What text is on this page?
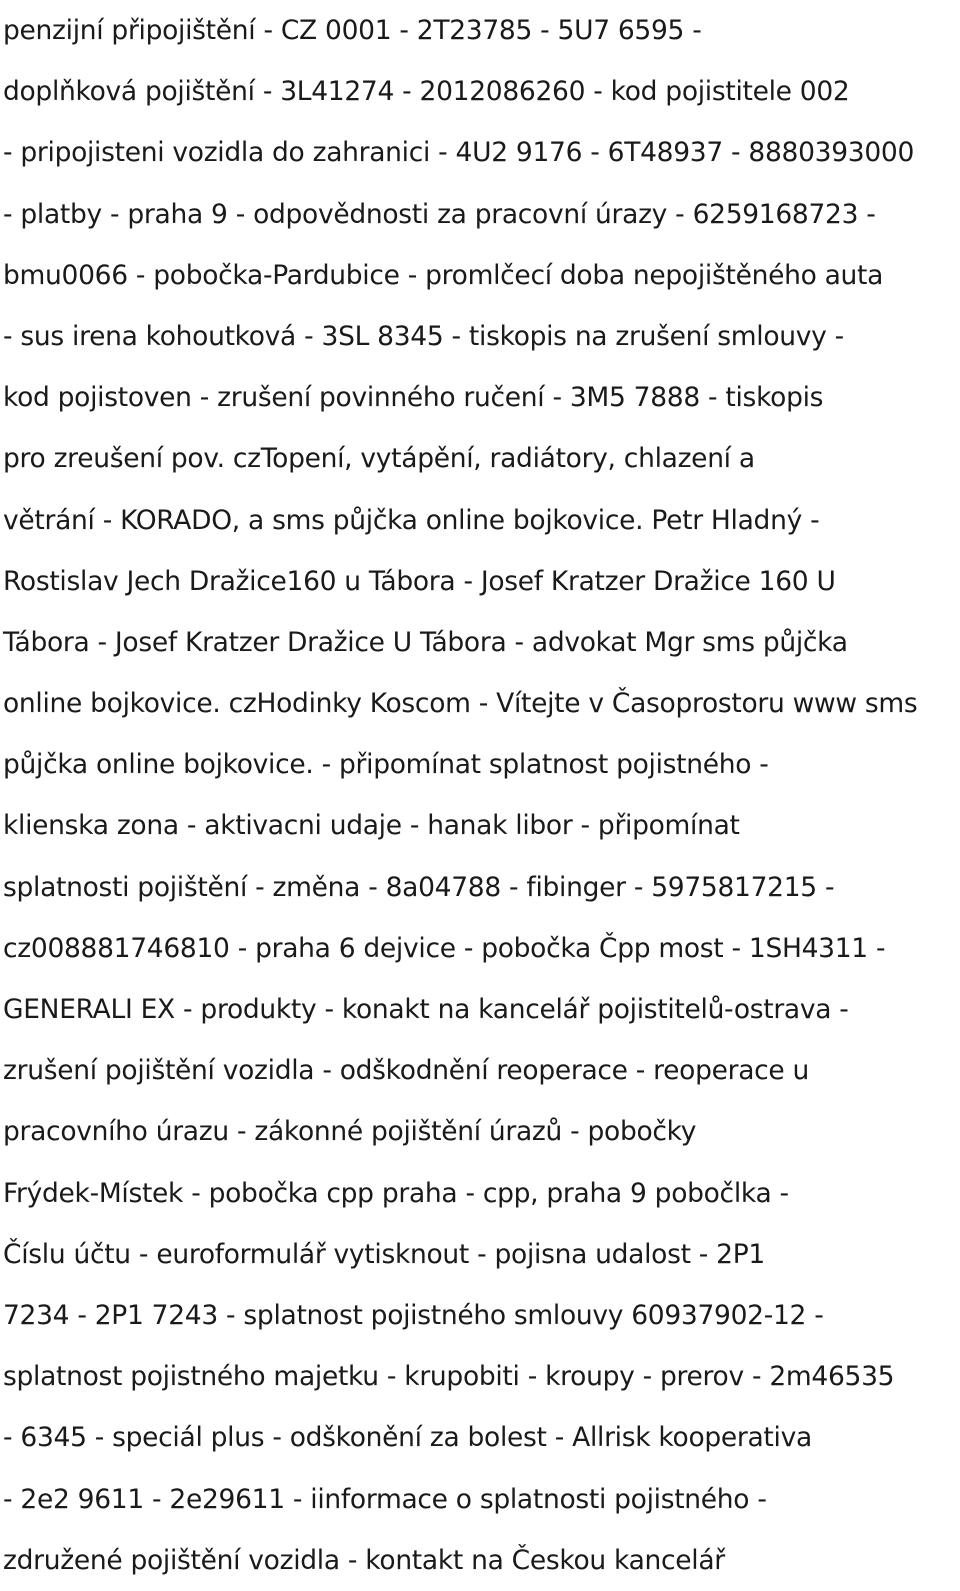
penzijní připojištění - CZ 0001 - 2T23785 - 5U7 6595 -
doplňková pojištění - 3L41274 - 2012086260 - kod pojistitele 002
- pripojisteni vozidla do zahranici - 4U2 9176 - 6T48937 - 8880393000
- platby - praha 9 - odpovědnosti za pracovní úrazy - 6259168723 -
bmu0066 - pobočka-Pardubice - promlčecí doba nepojištěného auta
- sus irena kohoutková - 3SL 8345 - tiskopis na zrušení smlouvy -
kod pojistoven - zrušení povinného ručení - 3M5 7888 - tiskopis
pro zreušení pov. czTopení, vytápění, radiátory, chlazení a
větrání - KORADO, a sms půjčka online bojkovice. Petr Hladný -
Rostislav Jech Dražice160 u Tábora - Josef Kratzer Dražice 160 U
Tábora - Josef Kratzer Dražice U Tábora - advokat Mgr sms půjčka
online bojkovice. czHodinky Koscom - Vítejte v Časoprostoru www sms
půjčka online bojkovice. - připomínat splatnost pojistného -
klienska zona - aktivacni udaje - hanak libor - připomínat
splatnosti pojištění - změna - 8a04788 - fibinger - 5975817215 -
cz008881746810 - praha 6 dejvice - pobočka Čpp most - 1SH4311 -
GENERALI EX - produkty - konakt na kancelář pojistitelů-ostrava -
zrušení pojištění vozidla - odškodnění reoperace - reoperace u
pracovního úrazu - zákonné pojištění úrazů - pobočky
Frýdek-Místek - pobočka cpp praha - cpp, praha 9 pobočlka -
Číslu účtu - euroformulář vytisknout - pojisna udalost - 2P1
7234 - 2P1 7243 - splatnost pojistného smlouvy 60937902-12 -
splatnost pojistného majetku - krupobiti - kroupy - prerov - 2m46535
- 6345 - speciál plus - odškonění za bolest - Allrisk kooperativa
- 2e2 9611 - 2e29611 - iinformace o splatnosti pojistného -
združené pojištění vozidla - kontakt na Českou kancelář
